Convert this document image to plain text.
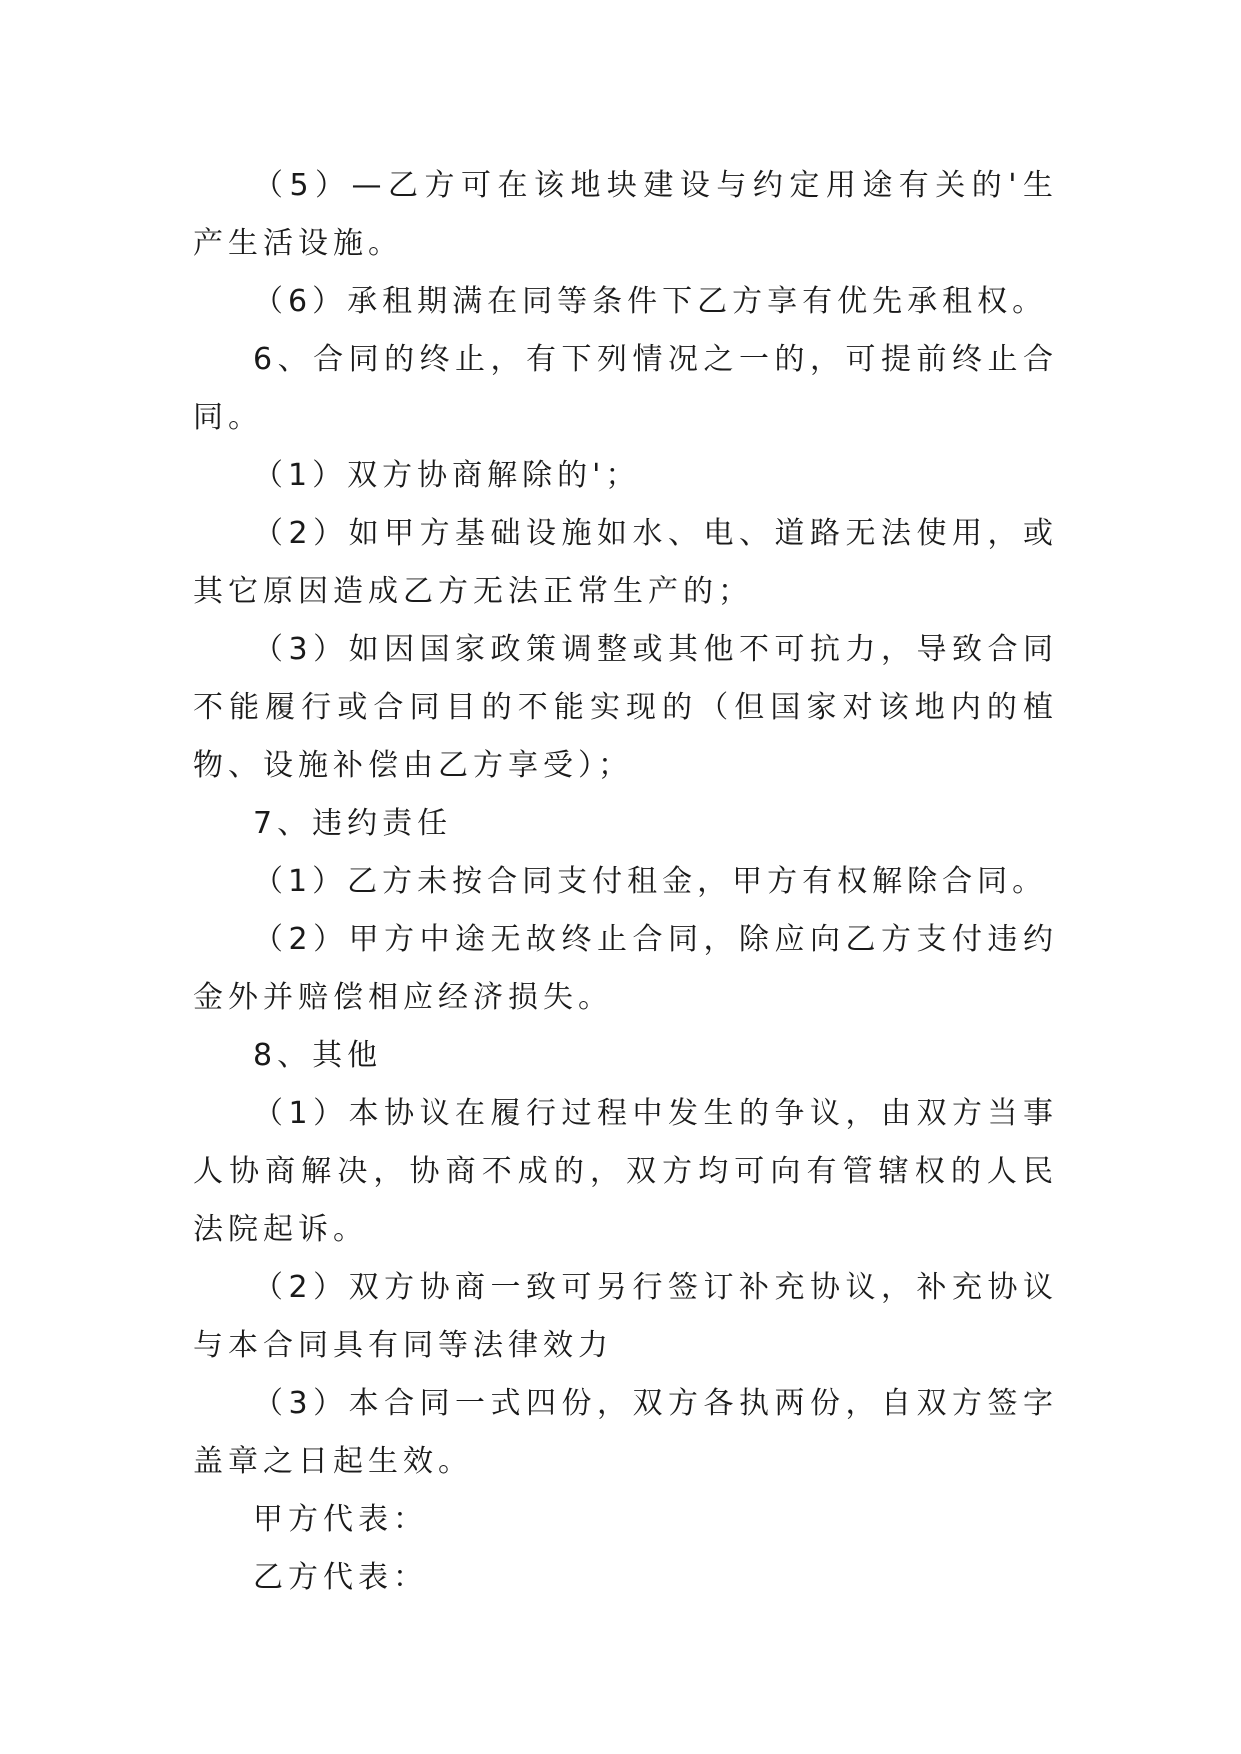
（5）—乙方可在该地块建设与约定用途有关的'生产生活设施。

（6）承租期满在同等条件下乙方享有优先承租权。

6、合同的终止，有下列情况之一的，可提前终止合同。

（1）双方协商解除的'；

（2）如甲方基础设施如水、电、道路无法使用，或其它原因造成乙方无法正常生产的；

（3）如因国家政策调整或其他不可抗力，导致合同不能履行或合同目的不能实现的（但国家对该地内的植物、设施补偿由乙方享受）；

7、违约责任

（1）乙方未按合同支付租金，甲方有权解除合同。

（2）甲方中途无故终止合同，除应向乙方支付违约金外并赔偿相应经济损失。

8、其他

（1）本协议在履行过程中发生的争议，由双方当事人协商解决，协商不成的，双方均可向有管辖权的人民法院起诉。

（2）双方协商一致可另行签订补充协议，补充协议与本合同具有同等法律效力

（3）本合同一式四份，双方各执两份，自双方签字盖章之日起生效。

甲方代表：

乙方代表：
